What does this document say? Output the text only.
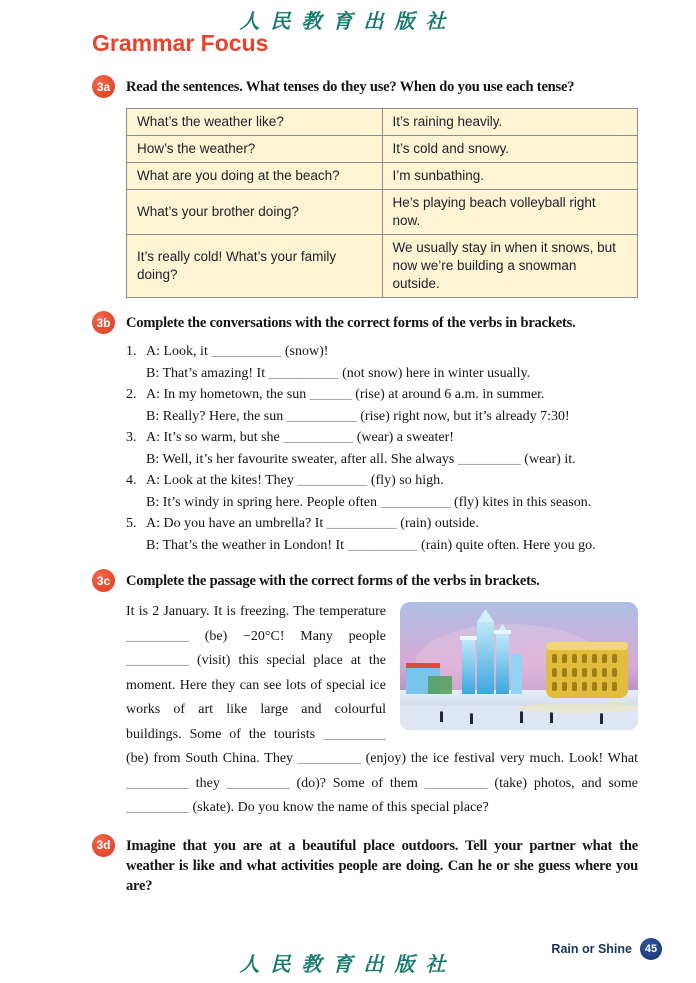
人民教育出版社
Grammar Focus
3a	Read the sentences. What tenses do they use? When do you use each tense?
What’s the weather like?	It’s raining heavily.
How’s the weather?	It’s cold and snowy.
What are you doing at the beach?	I’m sunbathing.
What’s your brother doing?	He’s playing beach volleyball right now.
It’s really cold! What’s your family doing?	We usually stay in when it snows, but now we’re building a snowman outside.
3b	Complete the conversations with the correct forms of the verbs in brackets.
1. A: Look, it __________ (snow)!
B: That’s amazing! It __________ (not snow) here in winter usually.
2. A: In my hometown, the sun ______ (rise) at around 6 a.m. in summer.
B: Really? Here, the sun __________ (rise) right now, but it’s already 7:30!
3. A: It’s so warm, but she __________ (wear) a sweater!
B: Well, it’s her favourite sweater, after all. She always _________ (wear) it.
4. A: Look at the kites! They __________ (fly) so high.
B: It’s windy in spring here. People often __________ (fly) kites in this season.
5. A: Do you have an umbrella? It __________ (rain) outside.
B: That’s the weather in London! It __________ (rain) quite often. Here you go.
3c	Complete the passage with the correct forms of the verbs in brackets.
It is 2 January. It is freezing. The temperature _________ (be) −20°C! Many people _________ (visit) this special place at the moment. Here they can see lots of special ice works of art like large and colourful buildings. Some of the tourists _________ (be) from South China. They _________ (enjoy) the ice festival very much. Look! What _________ they _________ (do)? Some of them _________ (take) photos, and some _________ (skate). Do you know the name of this special place?
3d	Imagine that you are at a beautiful place outdoors. Tell your partner what the weather is like and what activities people are doing. Can he or she guess where you are?
Rain or Shine	45
人民教育出版社
